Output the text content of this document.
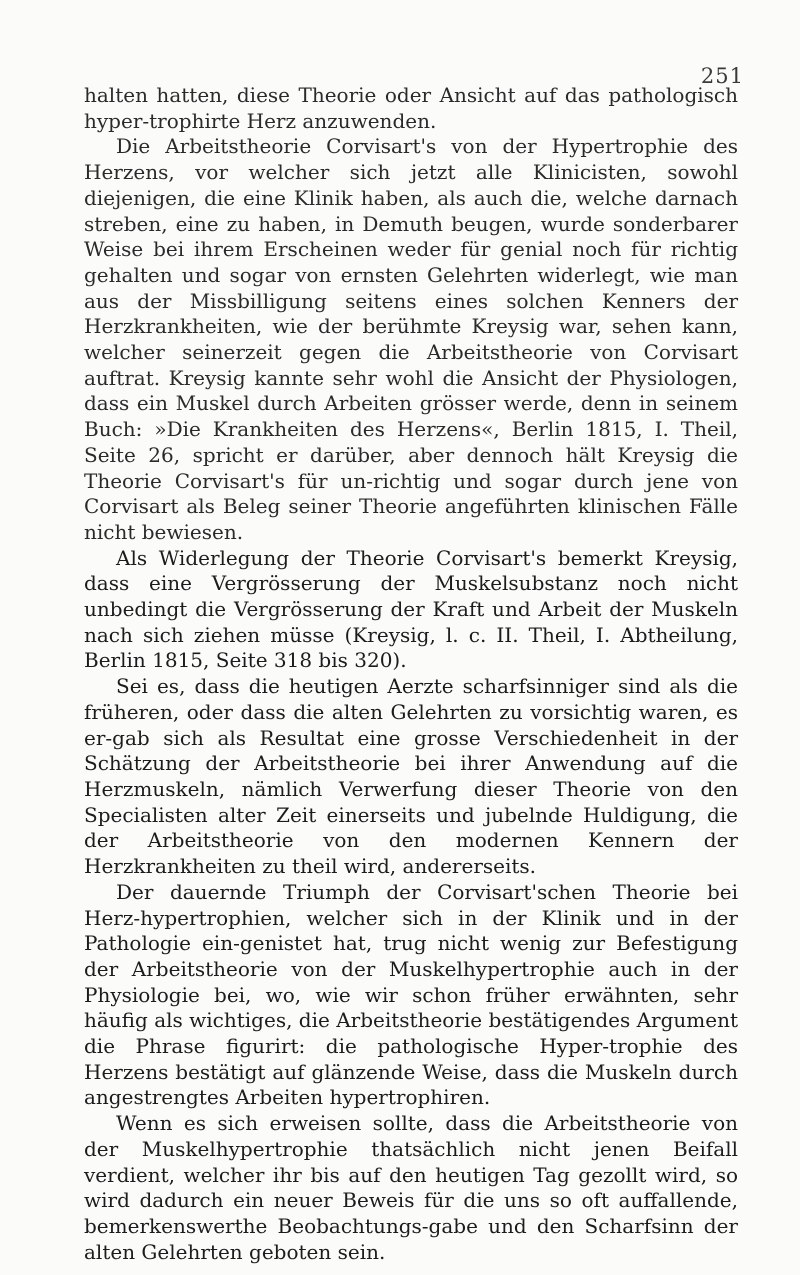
251

halten hatten, diese Theorie oder Ansicht auf das pathologisch hyper-trophirte Herz anzuwenden.

Die Arbeitstheorie Corvisart's von der Hypertrophie des Herzens, vor welcher sich jetzt alle Klinicisten, sowohl diejenigen, die eine Klinik haben, als auch die, welche darnach streben, eine zu haben, in Demuth beugen, wurde sonderbarer Weise bei ihrem Erscheinen weder für genial noch für richtig gehalten und sogar von ernsten Gelehrten widerlegt, wie man aus der Missbilligung seitens eines solchen Kenners der Herzkrankheiten, wie der berühmte Kreysig war, sehen kann, welcher seinerzeit gegen die Arbeitstheorie von Corvisart auftrat. Kreysig kannte sehr wohl die Ansicht der Physiologen, dass ein Muskel durch Arbeiten grösser werde, denn in seinem Buch: »Die Krankheiten des Herzens«, Berlin 1815, I. Theil, Seite 26, spricht er darüber, aber dennoch hält Kreysig die Theorie Corvisart's für un-richtig und sogar durch jene von Corvisart als Beleg seiner Theorie angeführten klinischen Fälle nicht bewiesen.

Als Widerlegung der Theorie Corvisart's bemerkt Kreysig, dass eine Vergrösserung der Muskelsubstanz noch nicht unbedingt die Vergrösserung der Kraft und Arbeit der Muskeln nach sich ziehen müsse (Kreysig, l. c. II. Theil, I. Abtheilung, Berlin 1815, Seite 318 bis 320).

Sei es, dass die heutigen Aerzte scharfsinniger sind als die früheren, oder dass die alten Gelehrten zu vorsichtig waren, es er-gab sich als Resultat eine grosse Verschiedenheit in der Schätzung der Arbeitstheorie bei ihrer Anwendung auf die Herzmuskeln, nämlich Verwerfung dieser Theorie von den Specialisten alter Zeit einerseits und jubelnde Huldigung, die der Arbeitstheorie von den modernen Kennern der Herzkrankheiten zu theil wird, andererseits.

Der dauernde Triumph der Corvisart'schen Theorie bei Herz-hypertrophien, welcher sich in der Klinik und in der Pathologie ein-genistet hat, trug nicht wenig zur Befestigung der Arbeitstheorie von der Muskelhypertrophie auch in der Physiologie bei, wo, wie wir schon früher erwähnten, sehr häufig als wichtiges, die Arbeitstheorie bestätigendes Argument die Phrase figurirt: die pathologische Hyper-trophie des Herzens bestätigt auf glänzende Weise, dass die Muskeln durch angestrengtes Arbeiten hypertrophiren.

Wenn es sich erweisen sollte, dass die Arbeitstheorie von der Muskelhypertrophie thatsächlich nicht jenen Beifall verdient, welcher ihr bis auf den heutigen Tag gezollt wird, so wird dadurch ein neuer Beweis für die uns so oft auffallende, bemerkenswerthe Beobachtungs-gabe und den Scharfsinn der alten Gelehrten geboten sein.
